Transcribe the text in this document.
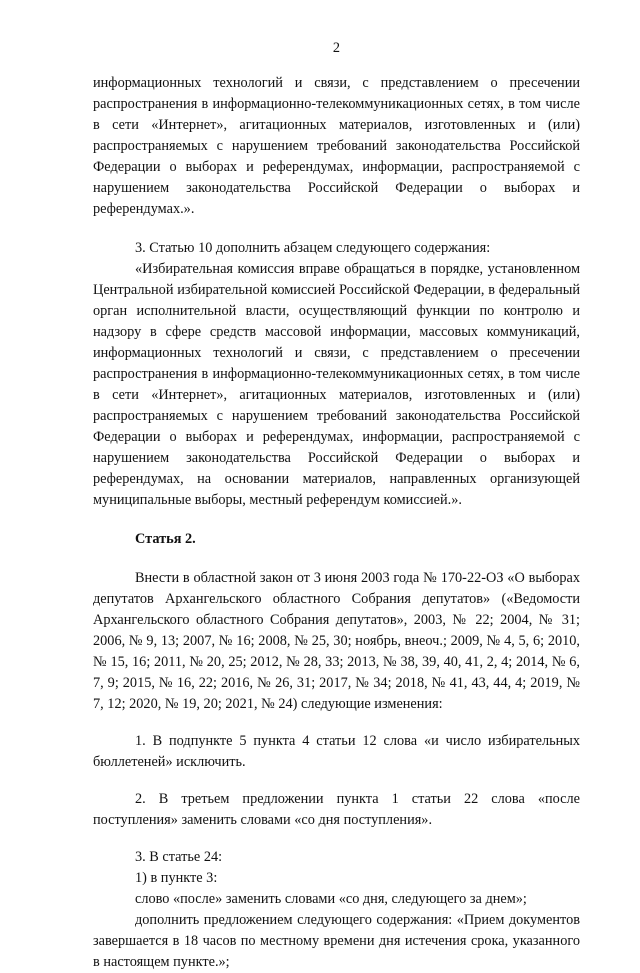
2

информационных технологий и связи, с представлением о пресечении распространения в информационно-телекоммуникационных сетях, в том числе в сети «Интернет», агитационных материалов, изготовленных и (или) распространяемых с нарушением требований законодательства Российской Федерации о выборах и референдумах, информации, распространяемой с нарушением законодательства Российской Федерации о выборах и референдумах.».

3. Статью 10 дополнить абзацем следующего содержания:

«Избирательная комиссия вправе обращаться в порядке, установленном Центральной избирательной комиссией Российской Федерации, в федеральный орган исполнительной власти, осуществляющий функции по контролю и надзору в сфере средств массовой информации, массовых коммуникаций, информационных технологий и связи, с представлением о пресечении распространения в информационно-телекоммуникационных сетях, в том числе в сети «Интернет», агитационных материалов, изготовленных и (или) распространяемых с нарушением требований законодательства Российской Федерации о выборах и референдумах, информации, распространяемой с нарушением законодательства Российской Федерации о выборах и референдумах, на основании материалов, направленных организующей муниципальные выборы, местный референдум комиссией.».

Статья 2.

Внести в областной закон от 3 июня 2003 года № 170-22-ОЗ «О выборах депутатов Архангельского областного Собрания депутатов» («Ведомости Архангельского областного Собрания депутатов», 2003, № 22; 2004, № 31; 2006, № 9, 13; 2007, № 16; 2008, № 25, 30; ноябрь, внеоч.; 2009, № 4, 5, 6; 2010, № 15, 16; 2011, № 20, 25; 2012, № 28, 33; 2013, № 38, 39, 40, 41, 2, 4; 2014, № 6, 7, 9; 2015, № 16, 22; 2016, № 26, 31; 2017, № 34; 2018, № 41, 43, 44, 4; 2019, № 7, 12; 2020, № 19, 20; 2021, № 24) следующие изменения:

1. В подпункте 5 пункта 4 статьи 12 слова «и число избирательных бюллетеней» исключить.

2. В третьем предложении пункта 1 статьи 22 слова «после поступления» заменить словами «со дня поступления».

3. В статье 24:

1) в пункте 3:

слово «после» заменить словами «со дня, следующего за днем»;

дополнить предложением следующего содержания: «Прием документов завершается в 18 часов по местному времени дня истечения срока, указанного в настоящем пункте.»;
